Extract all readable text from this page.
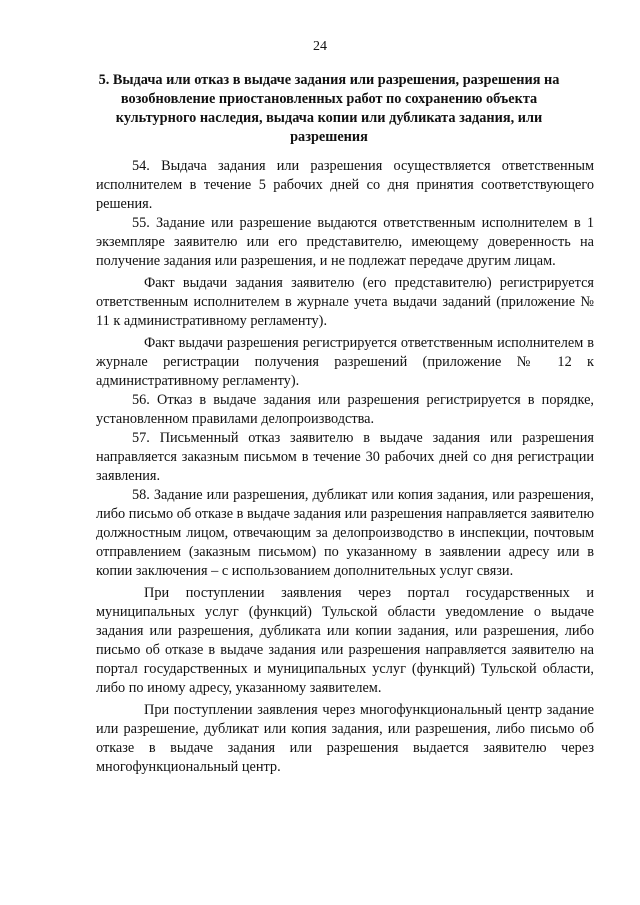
24
5. Выдача или отказ в выдаче задания или разрешения, разрешения на возобновление приостановленных работ по сохранению объекта культурного наследия, выдача копии или дубликата задания, или разрешения

54. Выдача задания или разрешения осуществляется ответственным исполнителем в течение 5 рабочих дней со дня принятия соответствующего решения.

55. Задание или разрешение выдаются ответственным исполнителем в 1 экземпляре заявителю или его представителю, имеющему доверенность на получение задания или разрешения, и не подлежат передаче другим лицам.

Факт выдачи задания заявителю (его представителю) регистрируется ответственным исполнителем в журнале учета выдачи заданий (приложение № 11 к административному регламенту).

Факт выдачи разрешения регистрируется ответственным исполнителем в журнале регистрации получения разрешений (приложение № 12 к административному регламенту).

56. Отказ в выдаче задания или разрешения регистрируется в порядке, установленном правилами делопроизводства.

57. Письменный отказ заявителю в выдаче задания или разрешения направляется заказным письмом в течение 30 рабочих дней со дня регистрации заявления.

58. Задание или разрешения, дубликат или копия задания, или разрешения, либо письмо об отказе в выдаче задания или разрешения направляется заявителю должностным лицом, отвечающим за делопроизводство в инспекции, почтовым отправлением (заказным письмом) по указанному в заявлении адресу или в копии заключения – с использованием дополнительных услуг связи.

При поступлении заявления через портал государственных и муниципальных услуг (функций) Тульской области уведомление о выдаче задания или разрешения, дубликата или копии задания, или разрешения, либо письмо об отказе в выдаче задания или разрешения направляется заявителю на портал государственных и муниципальных услуг (функций) Тульской области, либо по иному адресу, указанному заявителем.

При поступлении заявления через многофункциональный центр задание или разрешение, дубликат или копия задания, или разрешения, либо письмо об отказе в выдаче задания или разрешения выдается заявителю через многофункциональный центр.
